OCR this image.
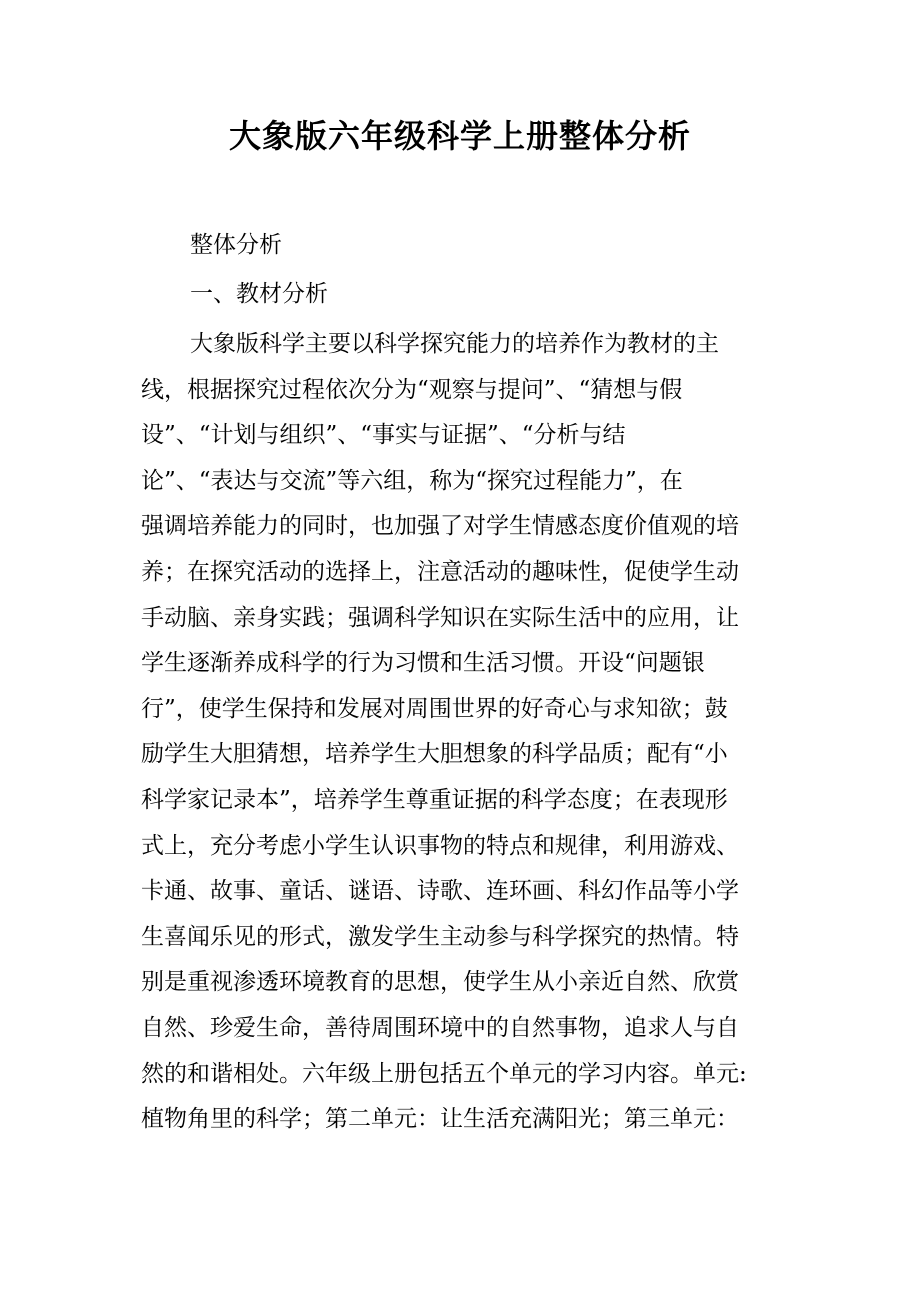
大象版六年级科学上册整体分析

整体分析

一、教材分析

大象版科学主要以科学探究能力的培养作为教材的主
线，根据探究过程依次分为“观察与提问”、“猜想与假
设”、“计划与组织”、“事实与证据”、“分析与结
论”、“表达与交流”等六组，称为“探究过程能力”，在
强调培养能力的同时，也加强了对学生情感态度价值观的培
养；在探究活动的选择上，注意活动的趣味性，促使学生动
手动脑、亲身实践；强调科学知识在实际生活中的应用，让
学生逐渐养成科学的行为习惯和生活习惯。开设“问题银
行”，使学生保持和发展对周围世界的好奇心与求知欲；鼓
励学生大胆猜想，培养学生大胆想象的科学品质；配有“小
科学家记录本”，培养学生尊重证据的科学态度；在表现形
式上，充分考虑小学生认识事物的特点和规律，利用游戏、
卡通、故事、童话、谜语、诗歌、连环画、科幻作品等小学
生喜闻乐见的形式，激发学生主动参与科学探究的热情。特
别是重视渗透环境教育的思想，使学生从小亲近自然、欣赏
自然、珍爱生命，善待周围环境中的自然事物，追求人与自
然的和谐相处。六年级上册包括五个单元的学习内容。单元:
植物角里的科学；第二单元：让生活充满阳光；第三单元：
